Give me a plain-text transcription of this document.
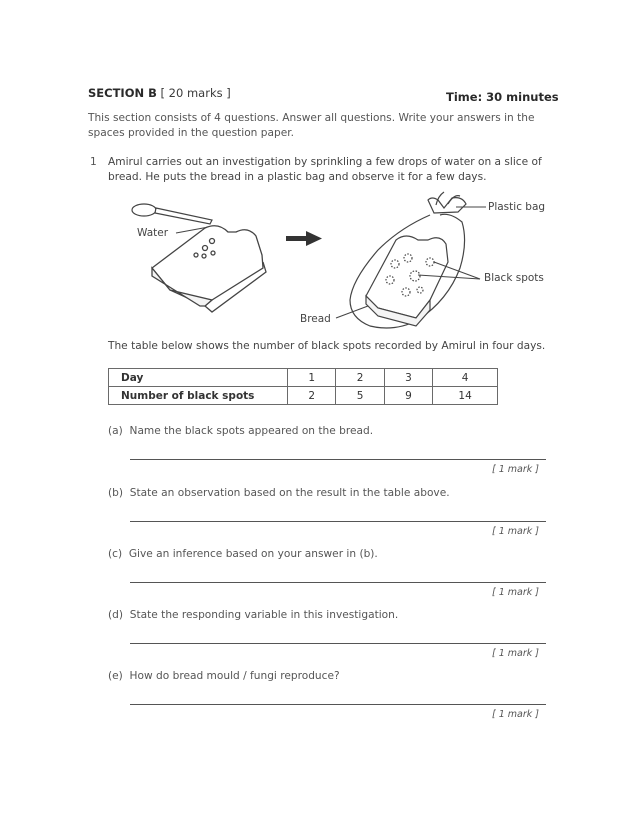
SECTION B [ 20 marks ]	Time: 30 minutes
This section consists of 4 questions. Answer all questions. Write your answers in the spaces provided in the question paper.
1 Amirul carries out an investigation by sprinkling a few drops of water on a slice of bread. He puts the bread in a plastic bag and observe it for a few days.
Water
Bread
Plastic bag
Black spots
The table below shows the number of black spots recorded by Amirul in four days.
Day	1	2	3	4
Number of black spots	2	5	9	14
(a) Name the black spots appeared on the bread.
[ 1 mark ]
(b) State an observation based on the result in the table above.
[ 1 mark ]
(c) Give an inference based on your answer in (b).
[ 1 mark ]
(d) State the responding variable in this investigation.
[ 1 mark ]
(e) How do bread mould / fungi reproduce?
[ 1 mark ]
